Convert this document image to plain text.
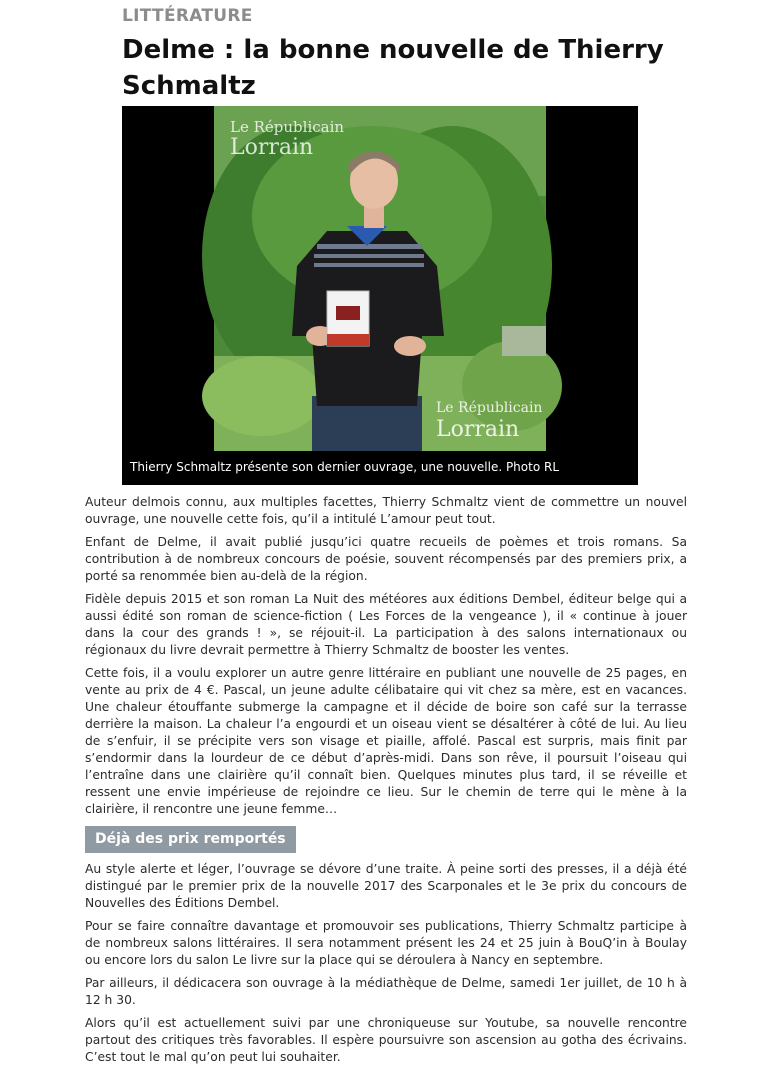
LITTÉRATURE
Delme : la bonne nouvelle de Thierry Schmaltz
Le Républicain
Lorrain
Le Républicain
Lorrain
Thierry Schmaltz présente son dernier ouvrage, une nouvelle. Photo RL

Auteur delmois connu, aux multiples facettes, Thierry Schmaltz vient de commettre un nouvel ouvrage, une nouvelle cette fois, qu’il a intitulé L’amour peut tout.

Enfant de Delme, il avait publié jusqu’ici quatre recueils de poèmes et trois romans. Sa contribution à de nombreux concours de poésie, souvent récompensés par des premiers prix, a porté sa renommée bien au-delà de la région.

Fidèle depuis 2015 et son roman La Nuit des météores aux éditions Dembel, éditeur belge qui a aussi édité son roman de science-fiction ( Les Forces de la vengeance ), il « continue à jouer dans la cour des grands ! », se réjouit-il. La participation à des salons internationaux ou régionaux du livre devrait permettre à Thierry Schmaltz de booster les ventes.

Cette fois, il a voulu explorer un autre genre littéraire en publiant une nouvelle de 25 pages, en vente au prix de 4 €. Pascal, un jeune adulte célibataire qui vit chez sa mère, est en vacances. Une chaleur étouffante submerge la campagne et il décide de boire son café sur la terrasse derrière la maison. La chaleur l’a engourdi et un oiseau vient se désaltérer à côté de lui. Au lieu de s’enfuir, il se précipite vers son visage et piaille, affolé. Pascal est surpris, mais finit par s’endormir dans la lourdeur de ce début d’après-midi. Dans son rêve, il poursuit l’oiseau qui l’entraîne dans une clairière qu’il connaît bien. Quelques minutes plus tard, il se réveille et ressent une envie impérieuse de rejoindre ce lieu. Sur le chemin de terre qui le mène à la clairière, il rencontre une jeune femme…

Déjà des prix remportés

Au style alerte et léger, l’ouvrage se dévore d’une traite. À peine sorti des presses, il a déjà été distingué par le premier prix de la nouvelle 2017 des Scarponales et le 3e prix du concours de Nouvelles des Éditions Dembel.

Pour se faire connaître davantage et promouvoir ses publications, Thierry Schmaltz participe à de nombreux salons littéraires. Il sera notamment présent les 24 et 25 juin à BouQ’in à Boulay ou encore lors du salon Le livre sur la place qui se déroulera à Nancy en septembre.

Par ailleurs, il dédicacera son ouvrage à la médiathèque de Delme, samedi 1er juillet, de 10 h à 12 h 30.

Alors qu’il est actuellement suivi par une chroniqueuse sur Youtube, sa nouvelle rencontre partout des critiques très favorables. Il espère poursuivre son ascension au gotha des écrivains. C’est tout le mal qu’on peut lui souhaiter.
